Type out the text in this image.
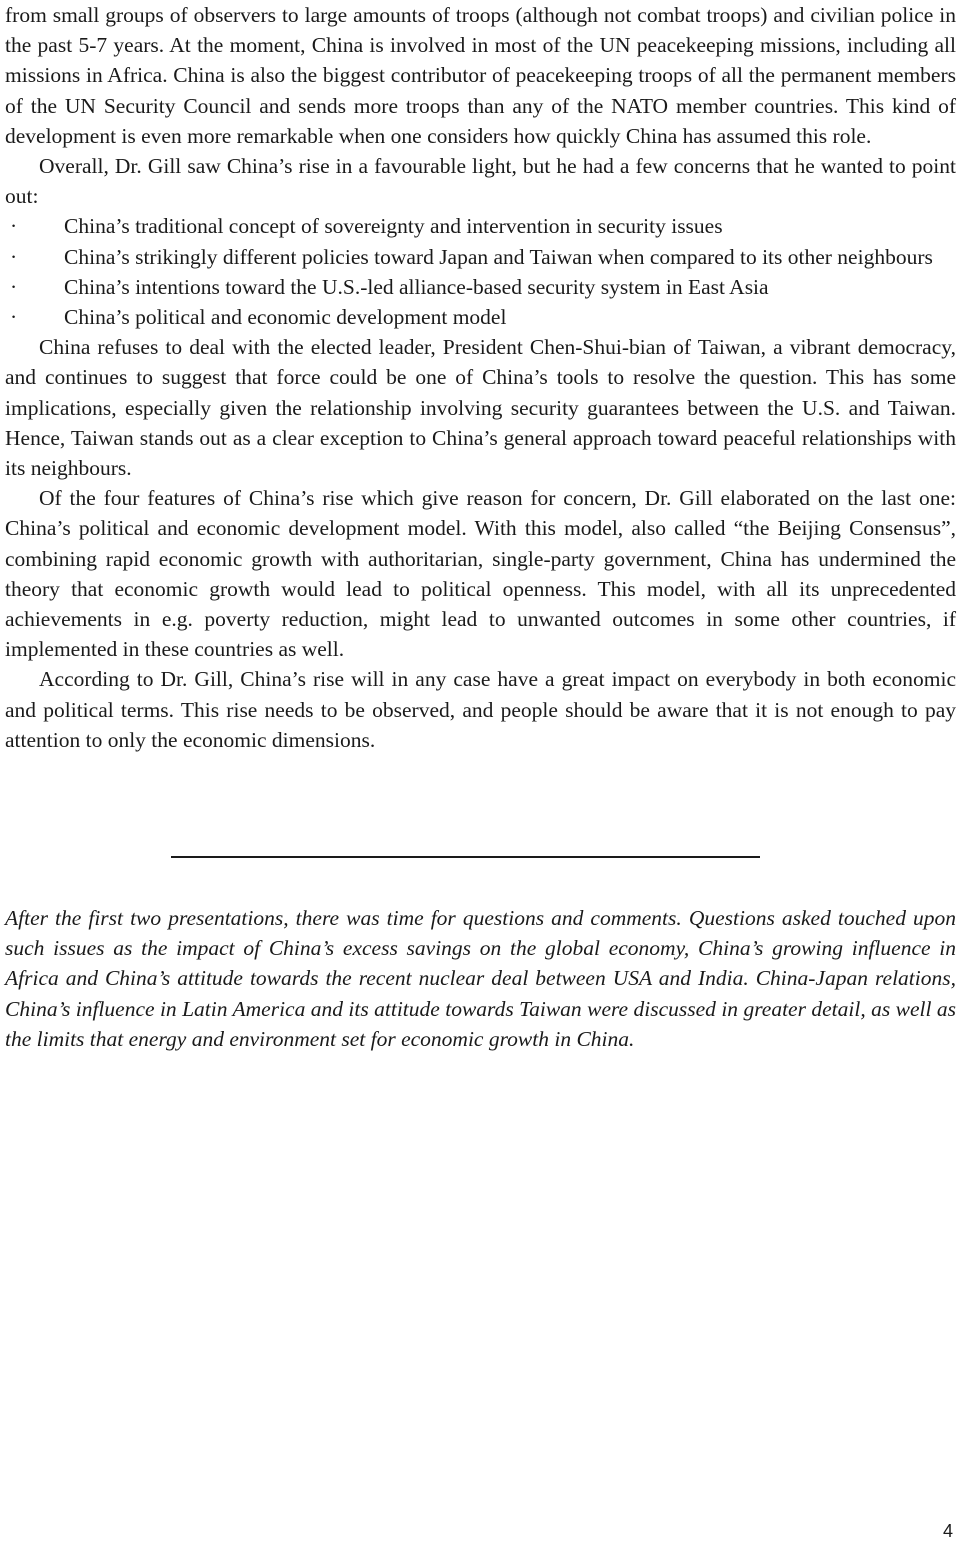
from small groups of observers to large amounts of troops (although not combat troops) and civilian police in the past 5-7 years. At the moment, China is involved in most of the UN peacekeeping missions, including all missions in Africa. China is also the biggest contributor of peacekeeping troops of all the permanent members of the UN Security Council and sends more troops than any of the NATO member countries. This kind of development is even more remarkable when one considers how quickly China has assumed this role.

Overall, Dr. Gill saw China’s rise in a favourable light, but he had a few concerns that he wanted to point out:

· China’s traditional concept of sovereignty and intervention in security issues
· China’s strikingly different policies toward Japan and Taiwan when compared to its other neighbours
· China’s intentions toward the U.S.-led alliance-based security system in East Asia
· China’s political and economic development model

China refuses to deal with the elected leader, President Chen-Shui-bian of Taiwan, a vibrant democracy, and continues to suggest that force could be one of China’s tools to resolve the question. This has some implications, especially given the relationship involving security guarantees between the U.S. and Taiwan. Hence, Taiwan stands out as a clear exception to China’s general approach toward peaceful relationships with its neighbours.

Of the four features of China’s rise which give reason for concern, Dr. Gill elaborated on the last one: China’s political and economic development model. With this model, also called “the Beijing Consensus”, combining rapid economic growth with authoritarian, single-party government, China has undermined the theory that economic growth would lead to political openness. This model, with all its unprecedented achievements in e.g. poverty reduction, might lead to unwanted outcomes in some other countries, if implemented in these countries as well.

According to Dr. Gill, China’s rise will in any case have a great impact on everybody in both economic and political terms. This rise needs to be observed, and people should be aware that it is not enough to pay attention to only the economic dimensions.

After the first two presentations, there was time for questions and comments. Questions asked touched upon such issues as the impact of China’s excess savings on the global economy, China’s growing influence in Africa and China’s attitude towards the recent nuclear deal between USA and India. China-Japan relations, China’s influence in Latin America and its attitude towards Taiwan were discussed in greater detail, as well as the limits that energy and environment set for economic growth in China.

4
